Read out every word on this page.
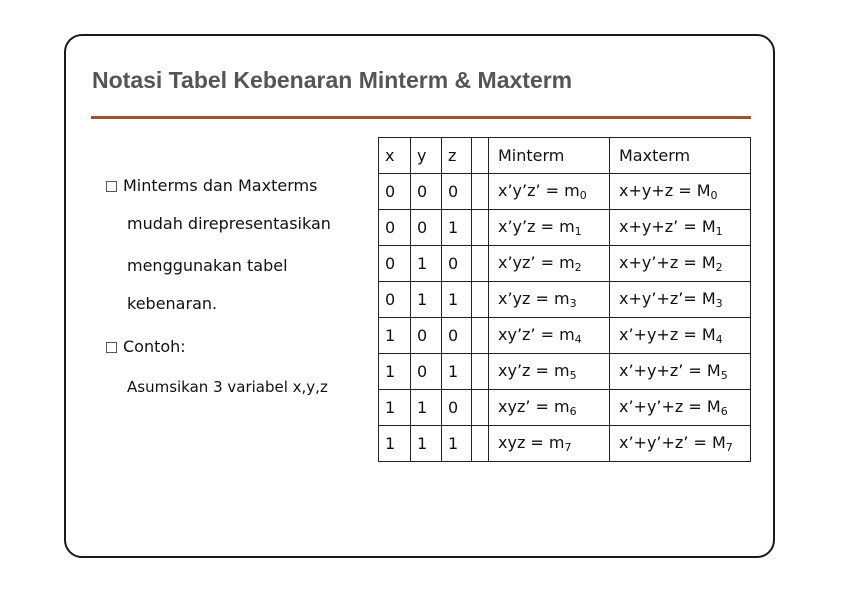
Notasi Tabel Kebenaran Minterm & Maxterm
Minterms dan Maxterms
mudah direpresentasikan
menggunakan tabel
kebenaran.
Contoh:
Asumsikan 3 variabel x,y,z
x	y	z		Minterm	Maxterm
0	0	0		x’y’z’ = $m_0$	$x+y+z = M_0$
0	0	1		x’y’z = $m_1$	x+y+z’ = $M_1$
0	1	0		x’yz’ = $m_2$	x+y’+z = $M_2$
0	1	1		x’yz = $m_3$	x+y’+z’= $M_3$
1	0	0		xy’z’ = $m_4$	x’+y+z = $M_4$
1	0	1		xy’z = $m_5$	x’+y+z’ = $M_5$
1	1	0		xyz’ = $m_6$	x’+y’+z = $M_6$
1	1	1		xyz = $m_7$	x’+y’+z’ = $M_7$
